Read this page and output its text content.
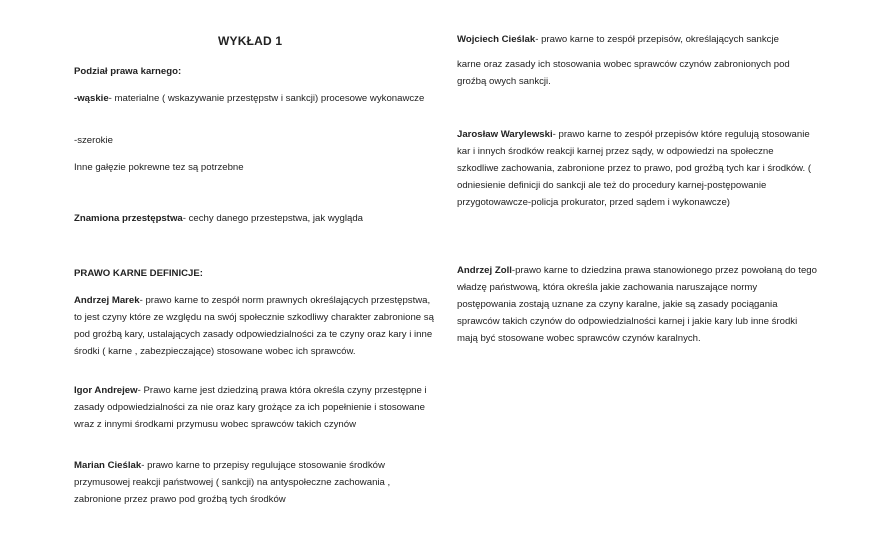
WYKŁAD 1

Podział prawa karnego:

-wąskie- materialne ( wskazywanie przestępstw i sankcji) procesowe wykonawcze

-szerokie

Inne gałęzie pokrewne tez są potrzebne

Znamiona przestępstwa- cechy danego przestepstwa, jak wygląda

PRAWO KARNE DEFINICJE:

Andrzej Marek- prawo karne to zespół norm prawnych określających przestępstwa, to jest czyny które ze względu na swój społecznie szkodliwy charakter zabronione są pod groźbą kary, ustalających zasady odpowiedzialności za te czyny oraz kary i inne środki ( karne , zabezpieczające) stosowane wobec ich sprawców.

Igor Andrejew- Prawo karne jest dziedziną prawa która określa czyny przestępne i zasady odpowiedzialności za nie oraz kary grożące za ich popełnienie i stosowane wraz z innymi środkami przymusu wobec sprawców takich czynów

Marian Cieślak- prawo karne to przepisy regulujące stosowanie środków przymusowej reakcji państwowej ( sankcji) na antyspołeczne zachowania , zabronione przez prawo pod groźbą tych środków

Wojciech Cieślak- prawo karne to zespół przepisów, określających sankcje

karne oraz zasady ich stosowania wobec sprawców czynów zabronionych pod groźbą owych sankcji.

Jarosław Warylewski- prawo karne to zespół przepisów które regulują stosowanie kar i innych środków reakcji karnej przez sądy, w odpowiedzi na społeczne szkodliwe zachowania, zabronione przez to prawo, pod groźbą tych kar i środków. ( odniesienie definicji do sankcji ale też do procedury karnej-postępowanie przygotowawcze-policja prokurator, przed sądem i wykonawcze)

Andrzej Zoll-prawo karne to dziedzina prawa stanowionego przez powołaną do tego władzę państwową, która określa jakie zachowania naruszające normy postępowania zostają uznane za czyny karalne, jakie są zasady pociągania sprawców takich czynów do odpowiedzialności karnej i jakie kary lub inne środki mają być stosowane wobec sprawców czynów karalnych.
